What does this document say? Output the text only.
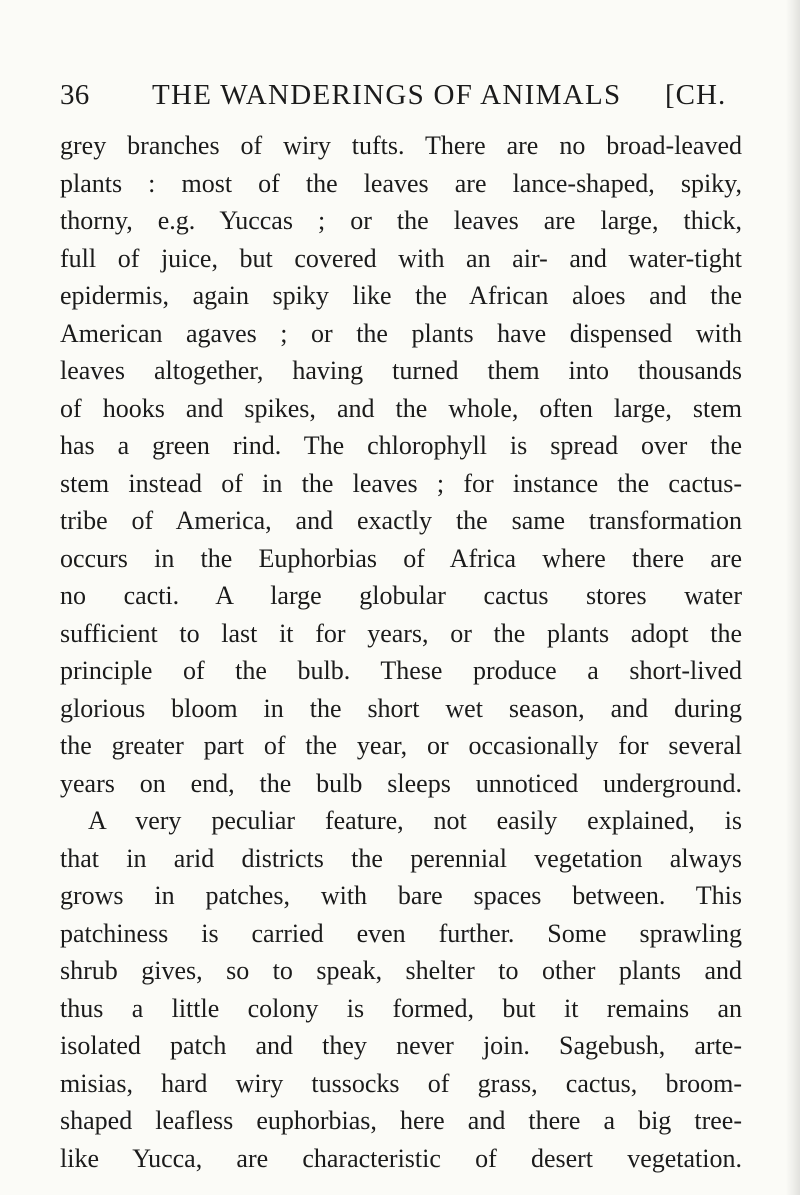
36 THE WANDERINGS OF ANIMALS [CH.
grey branches of wiry tufts. There are no broad-leaved
plants : most of the leaves are lance-shaped, spiky,
thorny, e.g. Yuccas ; or the leaves are large, thick,
full of juice, but covered with an air- and water-tight
epidermis, again spiky like the African aloes and the
American agaves ; or the plants have dispensed with
leaves altogether, having turned them into thousands
of hooks and spikes, and the whole, often large, stem
has a green rind. The chlorophyll is spread over the
stem instead of in the leaves ; for instance the cactus-
tribe of America, and exactly the same transformation
occurs in the Euphorbias of Africa where there are
no cacti. A large globular cactus stores water
sufficient to last it for years, or the plants adopt the
principle of the bulb. These produce a short-lived
glorious bloom in the short wet season, and during
the greater part of the year, or occasionally for several
years on end, the bulb sleeps unnoticed underground.
A very peculiar feature, not easily explained, is
that in arid districts the perennial vegetation always
grows in patches, with bare spaces between. This
patchiness is carried even further. Some sprawling
shrub gives, so to speak, shelter to other plants and
thus a little colony is formed, but it remains an
isolated patch and they never join. Sagebush, arte-
misias, hard wiry tussocks of grass, cactus, broom-
shaped leafless euphorbias, here and there a big tree-
like Yucca, are characteristic of desert vegetation.
